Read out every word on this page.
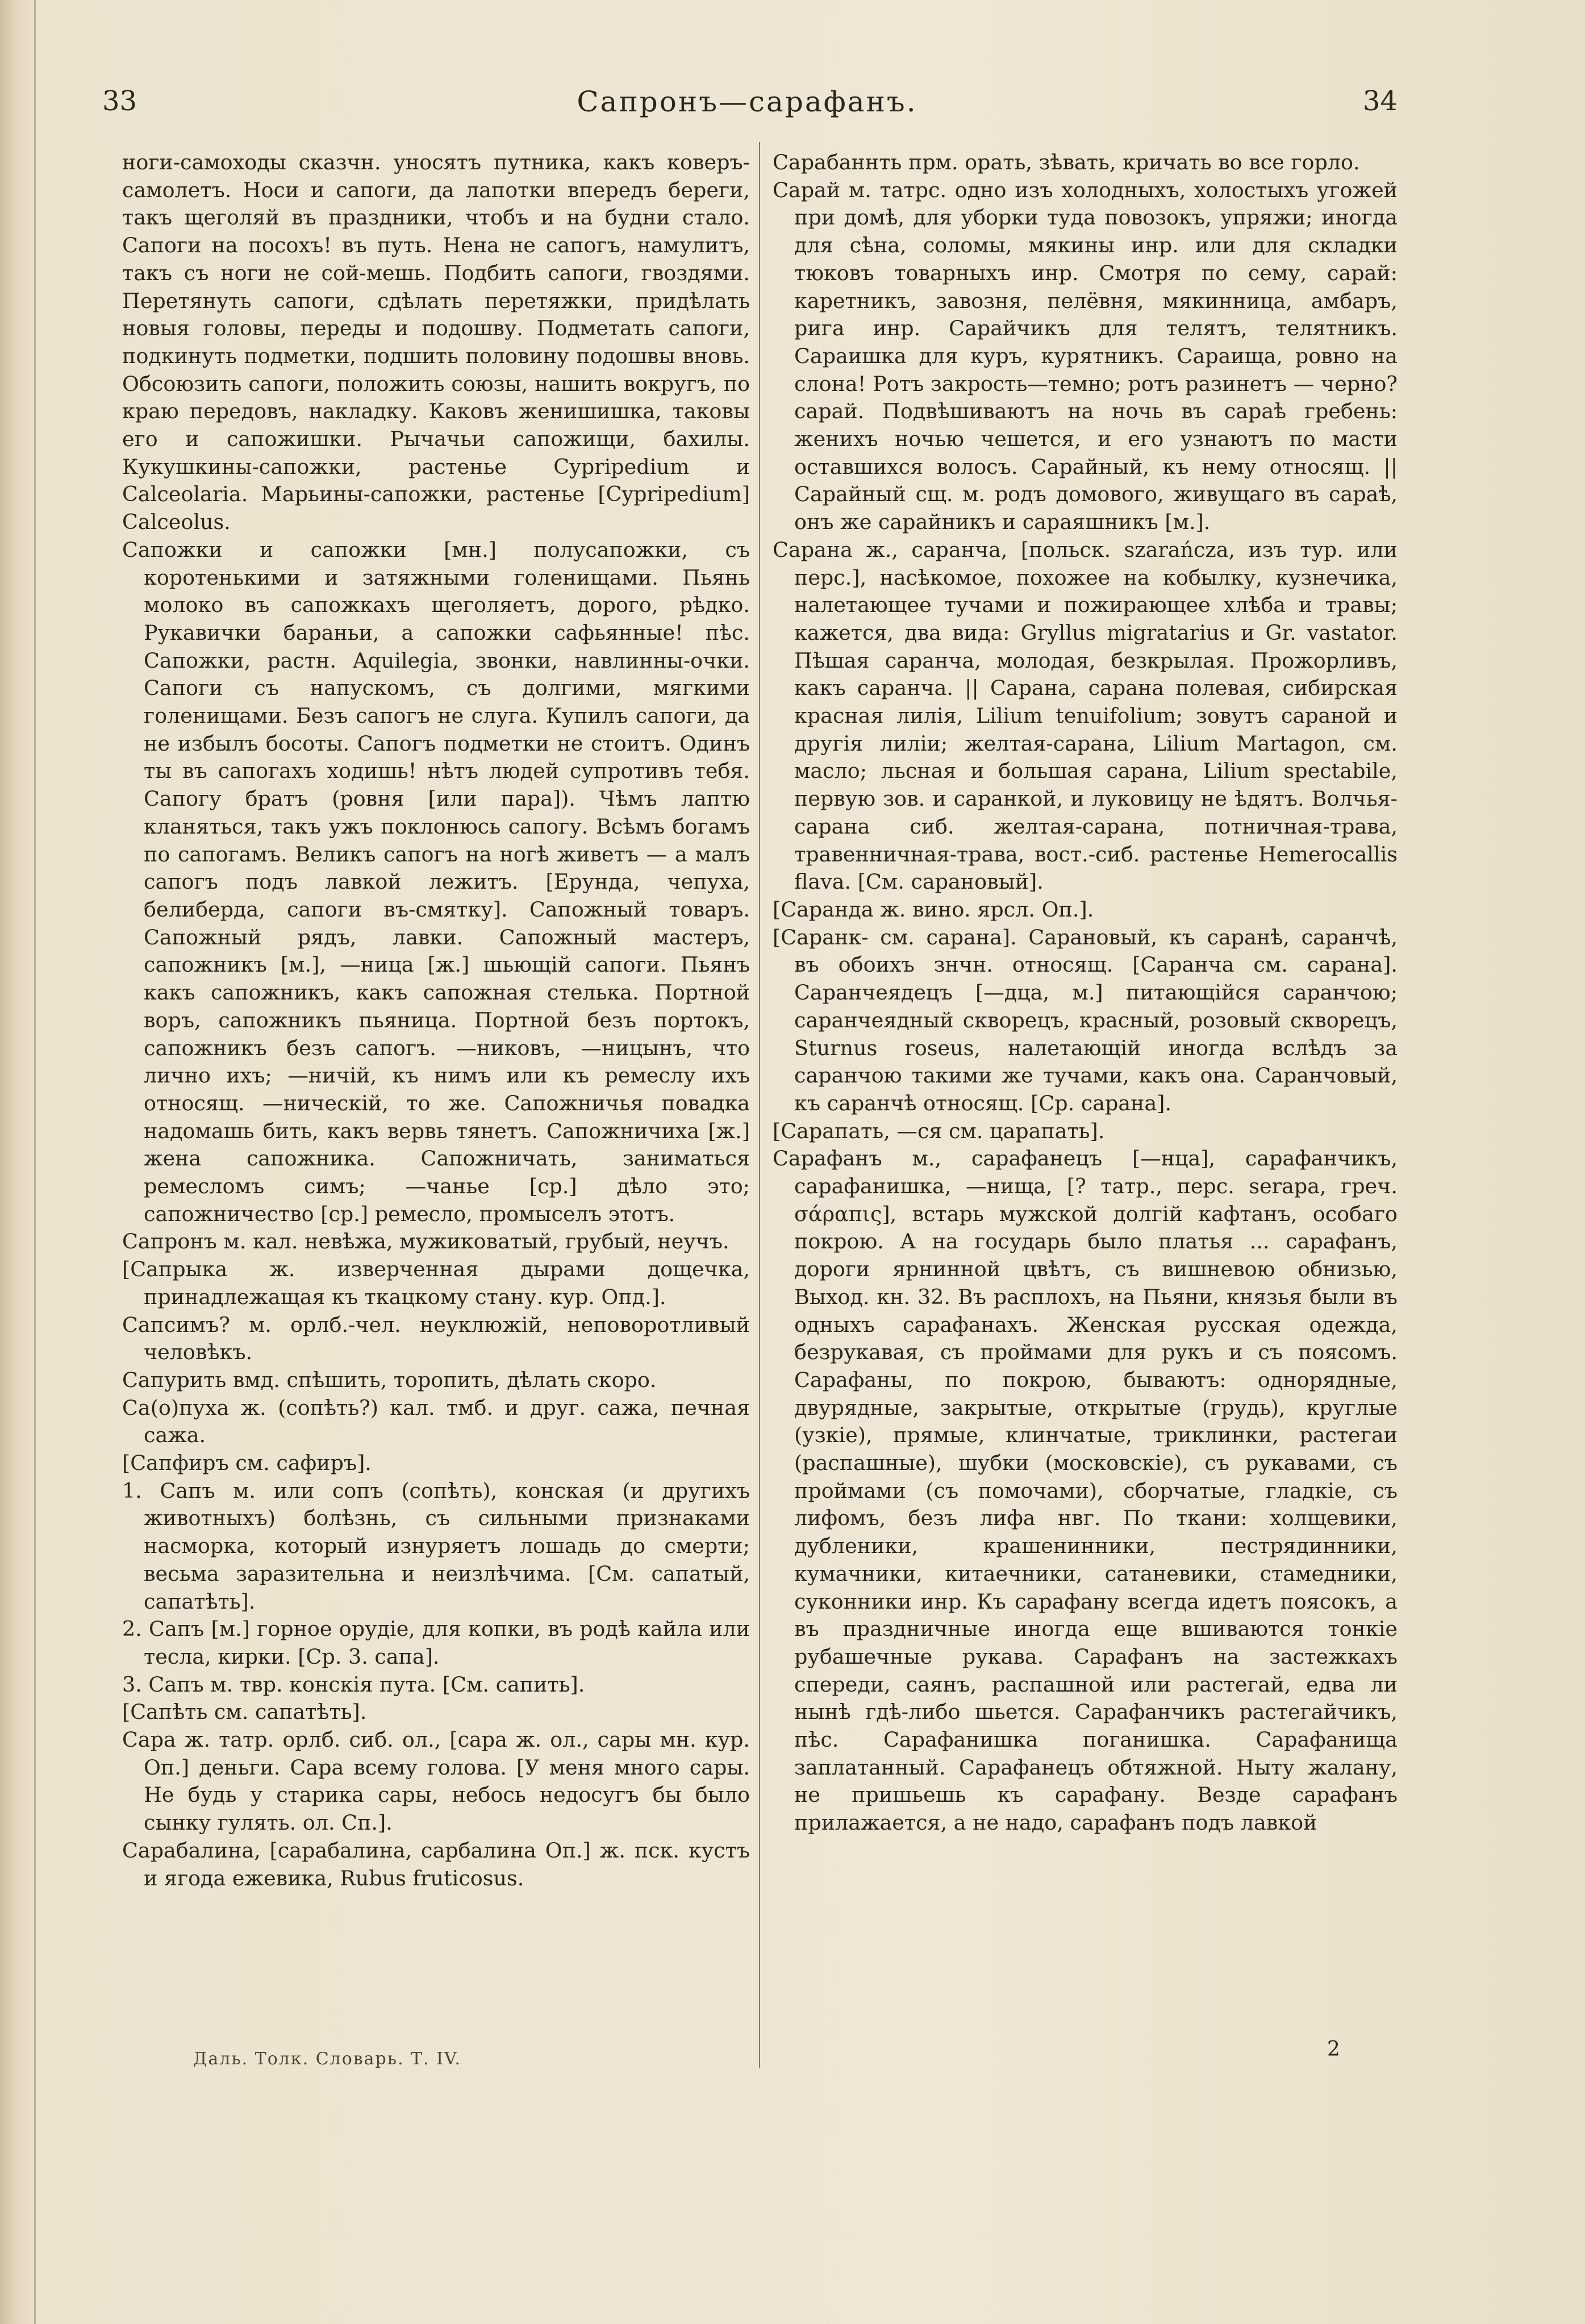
33	Сапронъ—сарафанъ.	34

ноги-самоходы сказчн. уносятъ путника, какъ коверъ-самолетъ. Носи и сапоги, да лапотки впередъ береги, такъ щеголяй въ праздники, чтобъ и на будни стало. Сапоги на посохъ! въ путь. Нена не сапогъ, намулитъ, такъ съ ноги не сой-мешь. Подбить сапоги, гвоздями. Перетянуть сапоги, сдѣлать перетяжки, придѣлать новыя головы, переды и подошву. Подметать сапоги, подкинуть подметки, подшить половину подошвы вновь. Обсоюзить сапоги, положить союзы, нашить вокругъ, по краю передовъ, накладку. Каковъ женишишка, таковы его и сапожишки. Рычачьи сапожищи, бахилы. Кукушкины-сапожки, растенье Cypripedium и Calceolaria. Марьины-сапожки, растенье [Cypripedium] Calceolus.

Сапожки и сапожки [мн.] полусапожки, съ коротенькими и затяжными голенищами. Пьянь молоко въ сапожкахъ щеголяетъ, дорого, рѣдко. Рукавички бараньи, а сапожки сафьянные! пѣс. Сапожки, растн. Aquilegia, звонки, навлинны-очки. Сапоги съ напускомъ, съ долгими, мягкими голенищами. Безъ сапогъ не слуга. Купилъ сапоги, да не избылъ босоты. Сапогъ подметки не стоитъ. Одинъ ты въ сапогахъ ходишь! нѣтъ людей супротивъ тебя. Сапогу братъ (ровня [или пара]). Чѣмъ лаптю кланяться, такъ ужъ поклонюсь сапогу. Всѣмъ богамъ по сапогамъ. Великъ сапогъ на ногѣ живетъ — а малъ сапогъ подъ лавкой лежитъ. [Ерунда, чепуха, белиберда, сапоги въ-смятку]. Сапожный товаръ. Сапожный рядъ, лавки. Сапожный мастеръ, сапожникъ [м.], —ница [ж.] шьющій сапоги. Пьянъ какъ сапожникъ, какъ сапожная стелька. Портной воръ, сапожникъ пьяница. Портной безъ портокъ, сапожникъ безъ сапогъ. —никовъ, —ницынъ, что лично ихъ; —ничій, къ нимъ или къ ремеслу ихъ относящ. —ническій, то же. Сапожничья повадка надомашь бить, какъ вервь тянетъ. Сапожничиха [ж.] жена сапожника. Сапожничать, заниматься ремесломъ симъ; —чанье [ср.] дѣло это; сапожничество [ср.] ремесло, промыселъ этотъ.

Сапронъ м. кал. невѣжа, мужиковатый, грубый, неучъ.

[Сапрыка ж. изверченная дырами дощечка, принадлежащая къ ткацкому стану. кур. Опд.].

Сапсимъ? м. орлб.-чел. неуклюжій, неповоротливый человѣкъ.

Сапурить вмд. спѣшить, торопить, дѣлать скоро.

Са(о)пуха ж. (сопѣть?) кал. тмб. и друг. сажа, печная сажа.

[Сапфиръ см. сафиръ].

1. Сапъ м. или сопъ (сопѣть), конская (и другихъ животныхъ) болѣзнь, съ сильными признаками насморка, который изнуряетъ лошадь до смерти; весьма заразительна и неизлѣчима. [См. сапатый, сапатѣть].

2. Сапъ [м.] горное орудіе, для копки, въ родѣ кайла или тесла, кирки. [Ср. 3. сапа].

3. Сапъ м. твр. конскія пута. [См. сапить].

[Сапѣть см. сапатѣть].

Сара ж. татр. орлб. сиб. ол., [сара ж. ол., сары мн. кур. Оп.] деньги. Сара всему голова. [У меня много сары. Не будь у старика сары, небось недосугъ бы было сынку гулять. ол. Сп.].

Сарабалина, [сарабалина, сарбалина Оп.] ж. пск. кустъ и ягода ежевика, Rubus fruticosus.

Сарабаннть прм. орать, зѣвать, кричать во все горло.

Сарай м. татрс. одно изъ холодныхъ, холостыхъ угожей при домѣ, для уборки туда повозокъ, упряжи; иногда для сѣна, соломы, мякины инр. или для складки тюковъ товарныхъ инр. Смотря по сему, сарай: каретникъ, завозня, пелёвня, мякинница, амбаръ, рига инр. Сарайчикъ для телятъ, телятникъ. Сараишка для куръ, курятникъ. Сараища, ровно на слона! Ротъ закрость—темно; ротъ разинетъ — черно? сарай. Подвѣшиваютъ на ночь въ сараѣ гребень: женихъ ночью чешется, и его узнаютъ по масти оставшихся волосъ. Сарайный, къ нему относящ. || Сарайный сщ. м. родъ домового, живущаго въ сараѣ, онъ же сарайникъ и сараяшникъ [м.].

Сарана ж., саранча, [польск. szarańcza, изъ тур. или перс.], насѣкомое, похожее на кобылку, кузнечика, налетающее тучами и пожирающее хлѣба и травы; кажется, два вида: Gryllus migratarius и Gr. vastator. Пѣшая саранча, молодая, безкрылая. Прожорливъ, какъ саранча. || Сарана, сарана полевая, сибирская красная лилія, Lilium tenuifolium; зовутъ сараной и другія лиліи; желтая-сарана, Lilium Martagon, см. масло; льсная и большая сарана, Lilium spectabile, первую зов. и саранкой, и луковицу не ѣдятъ. Волчья-сарана сиб. желтая-сарана, потничная-трава, травенничная-трава, вост.-сиб. растенье Hemerocallis flava. [См. сарановый].

[Саранда ж. вино. ярсл. Оп.].

[Саранк- см. сарана]. Сарановый, къ саранѣ, саранчѣ, въ обоихъ знчн. относящ. [Саранча см. сарана]. Саранчеядецъ [—дца, м.] питающійся саранчою; саранчеядный скворецъ, красный, розовый скворецъ, Sturnus roseus, налетающій иногда вслѣдъ за саранчою такими же тучами, какъ она. Саранчовый, къ саранчѣ относящ. [Ср. сарана].

[Сарапать, —ся см. царапать].

Сарафанъ м., сарафанецъ [—нца], сарафанчикъ, сарафанишка, —нища, [? татр., перс. serapa, греч. σάραπις], встарь мужской долгій кафтанъ, особаго покрою. А на государь было платья ... сарафанъ, дороги ярнинной цвѣтъ, съ вишневою обнизью, Выход. кн. 32. Въ расплохъ, на Пьяни, князья были въ одныхъ сарафанахъ. Женская русская одежда, безрукавая, съ проймами для рукъ и съ поясомъ. Сарафаны, по покрою, бываютъ: однорядные, двурядные, закрытые, открытые (грудь), круглые (узкіе), прямые, клинчатые, триклинки, растегаи (распашные), шубки (московскіе), съ рукавами, съ проймами (съ помочами), сборчатые, гладкіе, съ лифомъ, безъ лифа нвг. По ткани: холщевики, дубленики, крашенинники, пестрядинники, кумачники, китаечники, сатаневики, стамедники, суконники инр. Къ сарафану всегда идетъ поясокъ, а въ праздничные иногда еще вшиваются тонкіе рубашечные рукава. Сарафанъ на застежкахъ спереди, саянъ, распашной или растегай, едва ли нынѣ гдѣ-либо шьется. Сарафанчикъ растегайчикъ, пѣс. Сарафанишка поганишка. Сарафанища заплатанный. Сарафанецъ обтяжной. Ныту жалану, не пришьешь къ сарафану. Везде сарафанъ прилажается, а не надо, сарафанъ подъ лавкой

Даль. Толк. Словарь. Т. IV.	2
